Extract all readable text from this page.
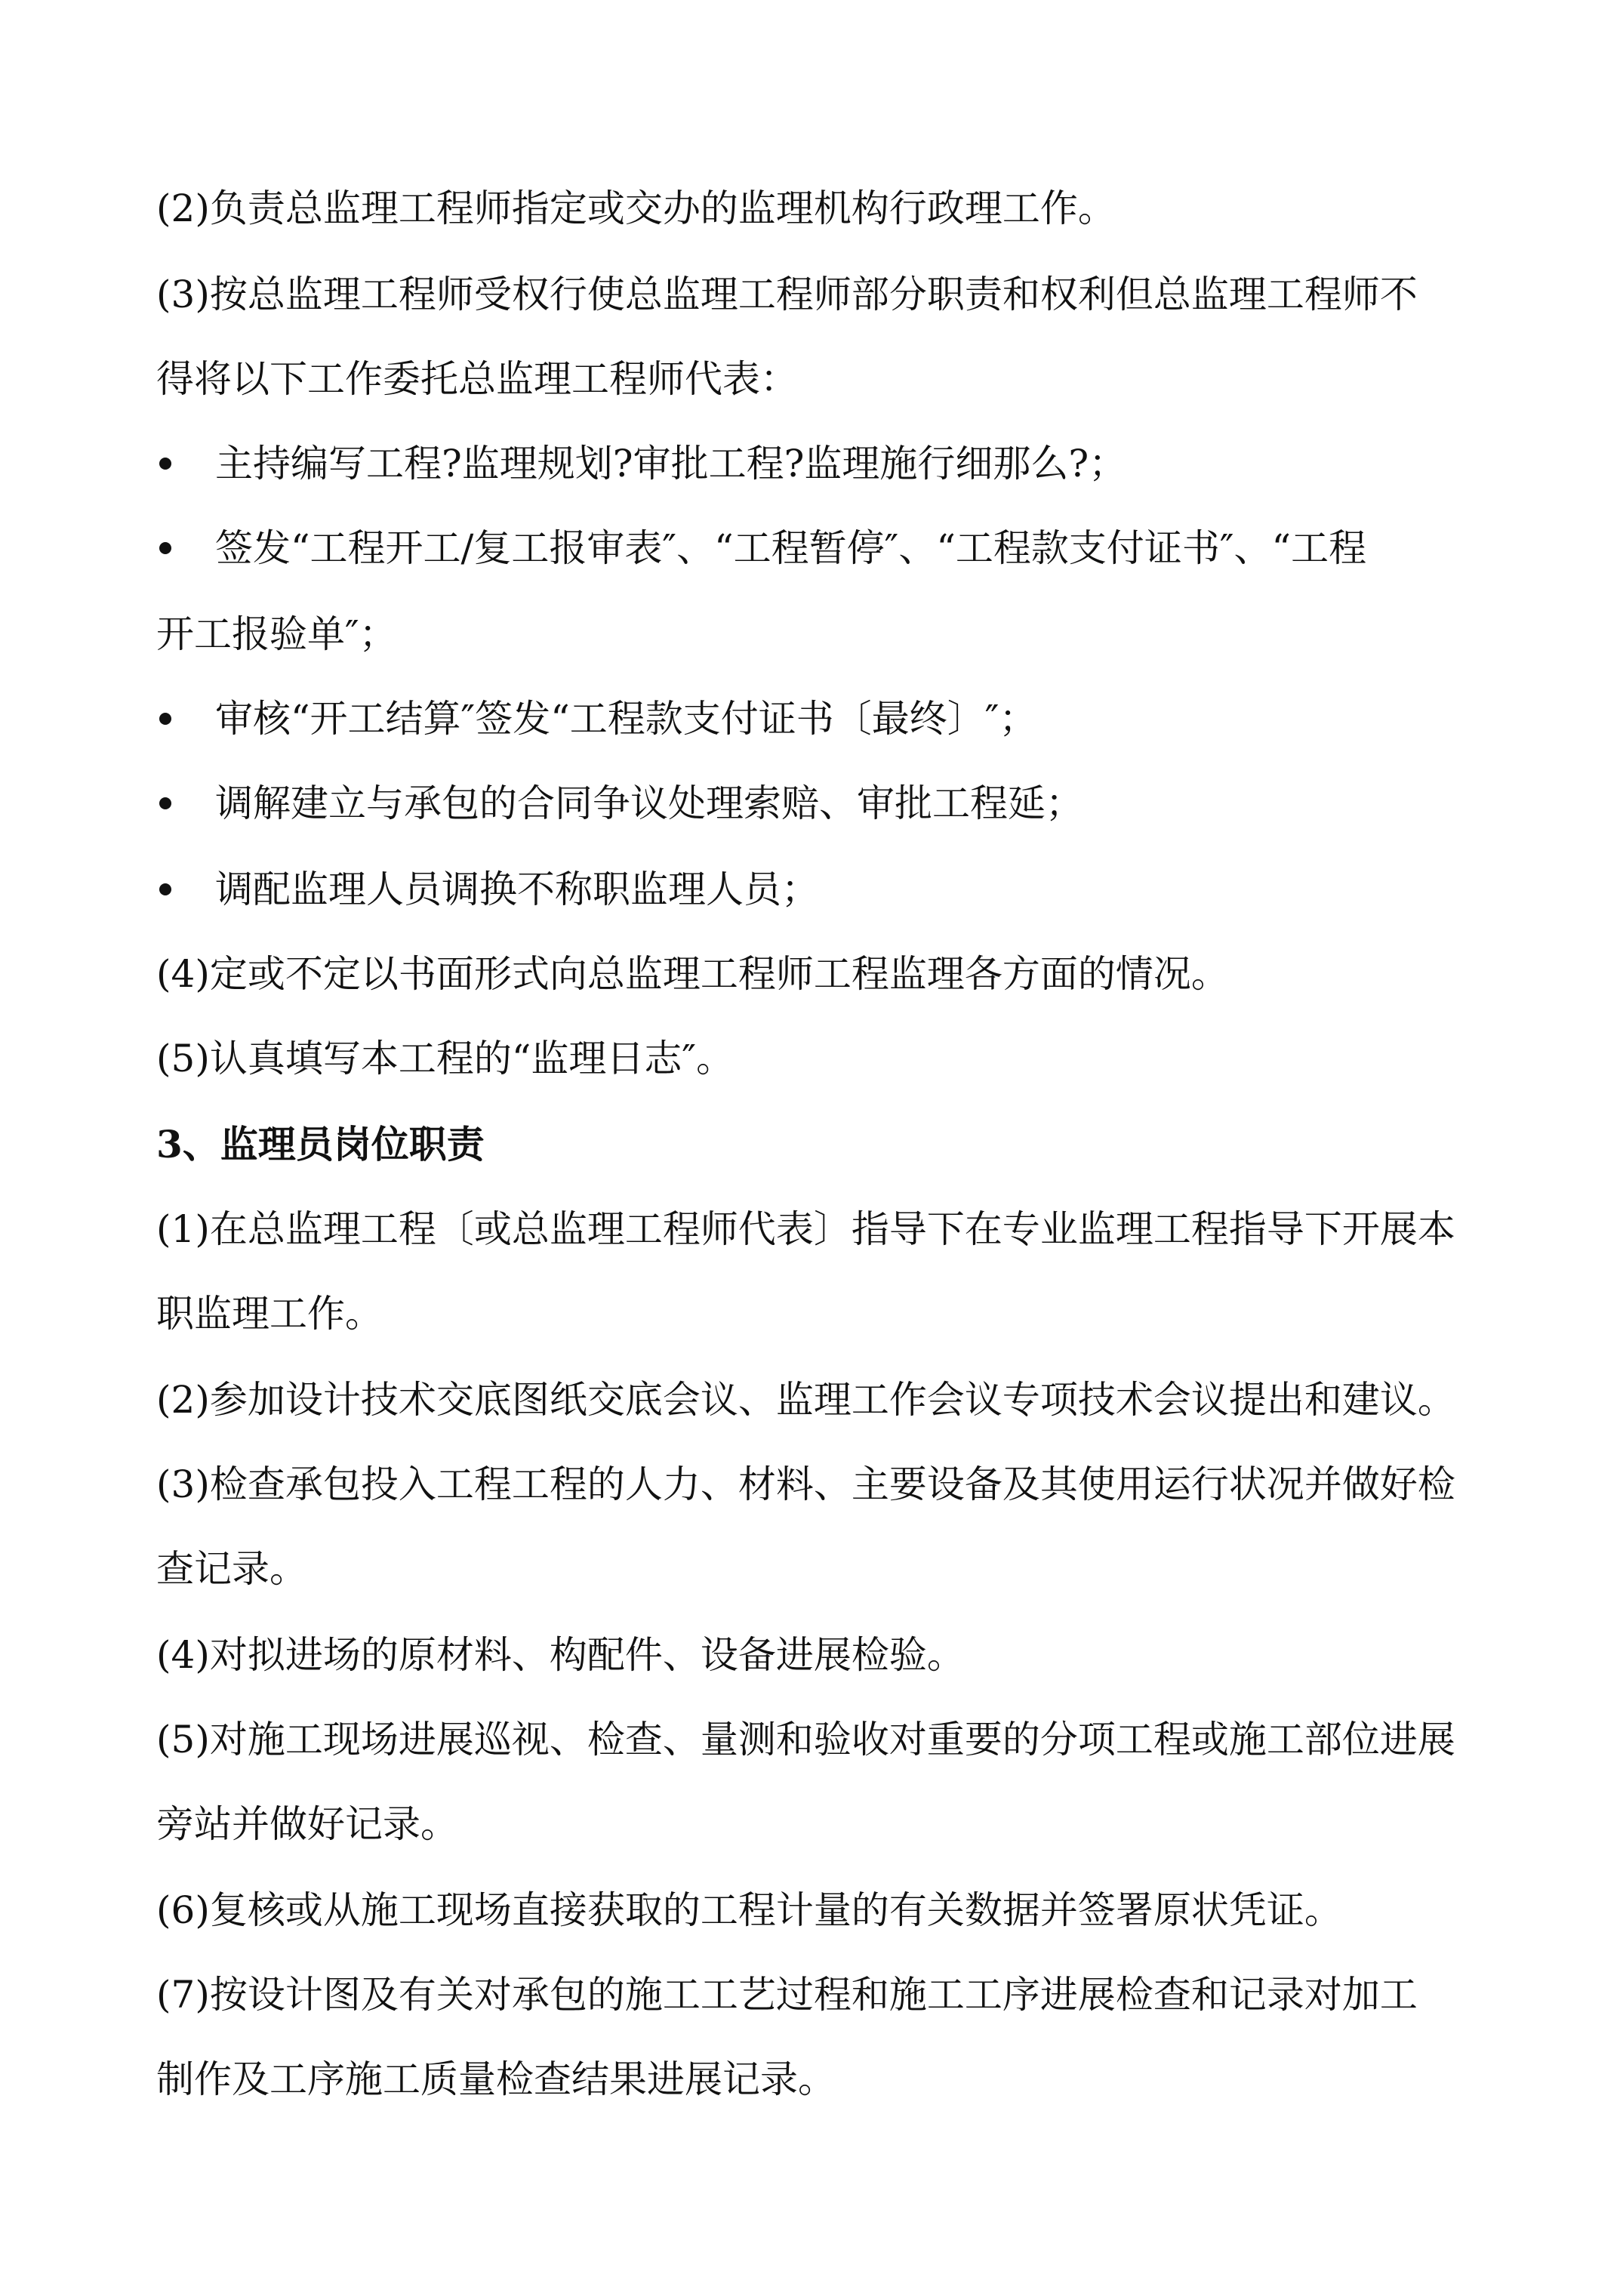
(2)负责总监理工程师指定或交办的监理机构行政理工作。

(3)按总监理工程师受权行使总监理工程师部分职责和权利但总监理工程师不

得将以下工作委托总监理工程师代表：

主持编写工程?监理规划?审批工程?监理施行细那么?；

签发“工程开工/复工报审表″、“工程暂停″、“工程款支付证书″、“工程

开工报验单″；

审核“开工结算″签发“工程款支付证书〔最终〕″；

调解建立与承包的合同争议处理索赔、审批工程延；

调配监理人员调换不称职监理人员；

(4)定或不定以书面形式向总监理工程师工程监理各方面的情况。

(5)认真填写本工程的“监理日志″。

3、监理员岗位职责

(1)在总监理工程〔或总监理工程师代表〕指导下在专业监理工程指导下开展本

职监理工作。

(2)参加设计技术交底图纸交底会议、监理工作会议专项技术会议提出和建议。

(3)检查承包投入工程工程的人力、材料、主要设备及其使用运行状况并做好检

查记录。

(4)对拟进场的原材料、构配件、设备进展检验。

(5)对施工现场进展巡视、检查、量测和验收对重要的分项工程或施工部位进展

旁站并做好记录。

(6)复核或从施工现场直接获取的工程计量的有关数据并签署原状凭证。

(7)按设计图及有关对承包的施工工艺过程和施工工序进展检查和记录对加工

制作及工序施工质量检查结果进展记录。
